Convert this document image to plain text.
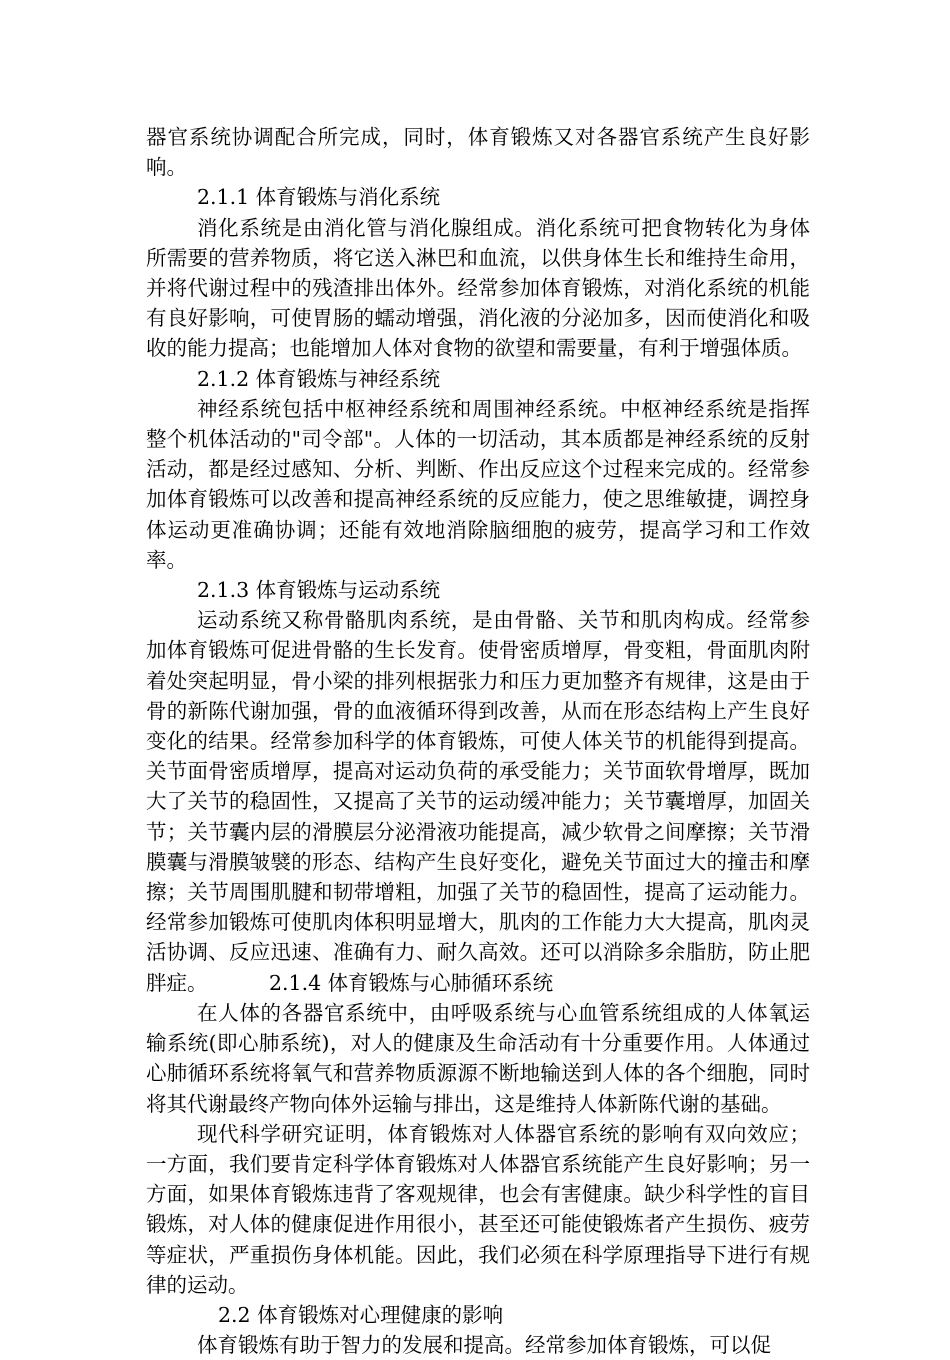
器官系统协调配合所完成，同时，体育锻炼又对各器官系统产生良好影响。

2.1.1 体育锻炼与消化系统

消化系统是由消化管与消化腺组成。消化系统可把食物转化为身体所需要的营养物质，将它送入淋巴和血流，以供身体生长和维持生命用，并将代谢过程中的残渣排出体外。经常参加体育锻炼，对消化系统的机能有良好影响，可使胃肠的蠕动增强，消化液的分泌加多，因而使消化和吸收的能力提高；也能增加人体对食物的欲望和需要量，有利于增强体质。

2.1.2 体育锻炼与神经系统

神经系统包括中枢神经系统和周围神经系统。中枢神经系统是指挥整个机体活动的"司令部"。人体的一切活动，其本质都是神经系统的反射活动，都是经过感知、分析、判断、作出反应这个过程来完成的。经常参加体育锻炼可以改善和提高神经系统的反应能力，使之思维敏捷，调控身体运动更准确协调；还能有效地消除脑细胞的疲劳，提高学习和工作效率。

2.1.3 体育锻炼与运动系统

运动系统又称骨骼肌肉系统，是由骨骼、关节和肌肉构成。经常参加体育锻炼可促进骨骼的生长发育。使骨密质增厚，骨变粗，骨面肌肉附着处突起明显，骨小梁的排列根据张力和压力更加整齐有规律，这是由于骨的新陈代谢加强，骨的血液循环得到改善，从而在形态结构上产生良好变化的结果。经常参加科学的体育锻炼，可使人体关节的机能得到提高。关节面骨密质增厚，提高对运动负荷的承受能力；关节面软骨增厚，既加大了关节的稳固性，又提高了关节的运动缓冲能力；关节囊增厚，加固关节；关节囊内层的滑膜层分泌滑液功能提高，减少软骨之间摩擦；关节滑膜囊与滑膜皱襞的形态、结构产生良好变化，避免关节面过大的撞击和摩擦；关节周围肌腱和韧带增粗，加强了关节的稳固性，提高了运动能力。经常参加锻炼可使肌肉体积明显增大，肌肉的工作能力大大提高，肌肉灵活协调、反应迅速、准确有力、耐久高效。还可以消除多余脂肪，防止肥胖症。   	2.1.4 体育锻炼与心肺循环系统

在人体的各器官系统中，由呼吸系统与心血管系统组成的人体氧运输系统(即心肺系统)，对人的健康及生命活动有十分重要作用。人体通过心肺循环系统将氧气和营养物质源源不断地输送到人体的各个细胞，同时将其代谢最终产物向体外运输与排出，这是维持人体新陈代谢的基础。

现代科学研究证明，体育锻炼对人体器官系统的影响有双向效应；一方面，我们要肯定科学体育锻炼对人体器官系统能产生良好影响；另一方面，如果体育锻炼违背了客观规律，也会有害健康。缺少科学性的盲目锻炼，对人体的健康促进作用很小，甚至还可能使锻炼者产生损伤、疲劳等症状，严重损伤身体机能。因此，我们必须在科学原理指导下进行有规律的运动。

2.2 体育锻炼对心理健康的影响

体育锻炼有助于智力的发展和提高。经常参加体育锻炼，可以促
